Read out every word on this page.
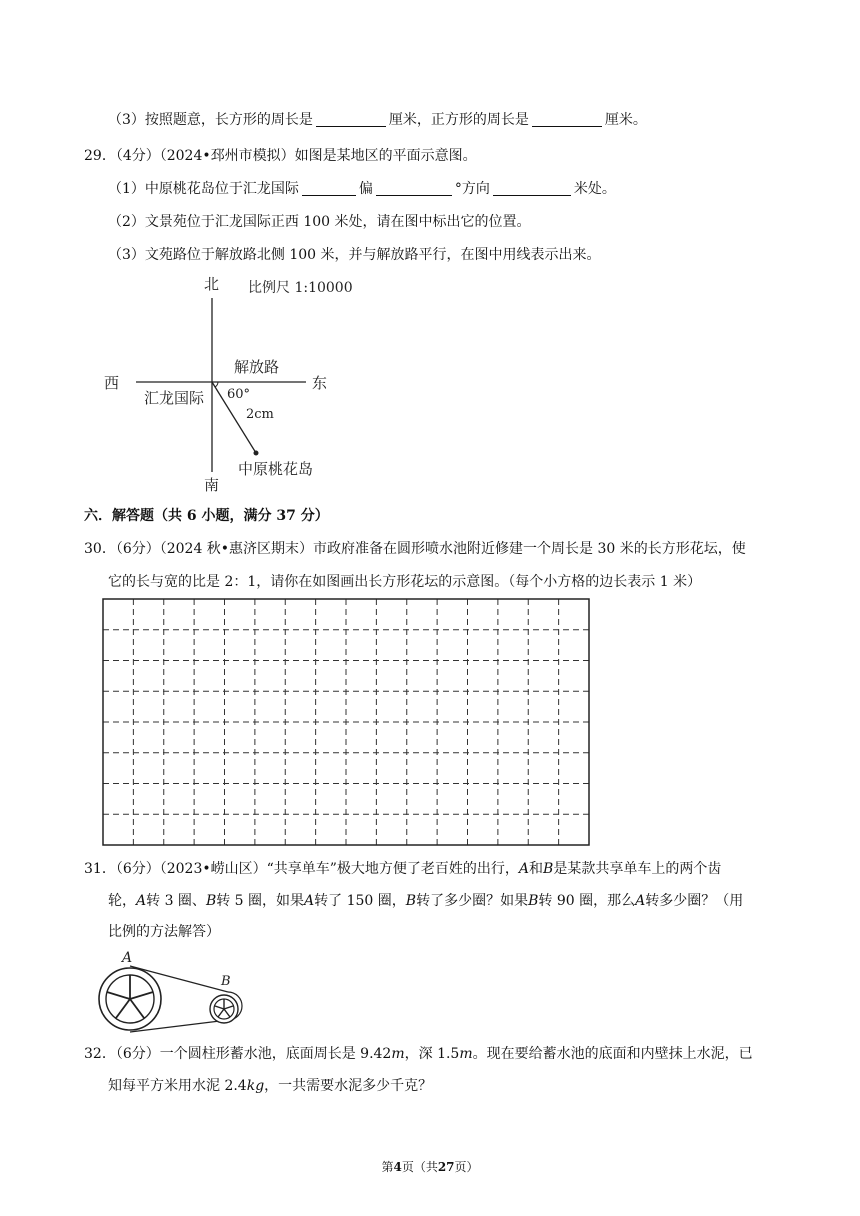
（3）按照题意，长方形的周长是	厘米，正方形的周长是	厘米。
29．（4分）（2024•邳州市模拟）如图是某地区的平面示意图。
（1）中原桃花岛位于汇龙国际	偏	°方向	米处。
（2）文景苑位于汇龙国际正西 100 米处，请在图中标出它的位置。
（3）文苑路位于解放路北侧 100 米，并与解放路平行，在图中用线表示出来。
北 比例尺 1:10000
解放路
西	东
汇龙国际 60°
2cm
中原桃花岛
南
六．解答题（共 6 小题，满分 37 分）
30．（6分）（2024 秋•惠济区期末）市政府准备在圆形喷水池附近修建一个周长是 30 米的长方形花坛，使
它的长与宽的比是 2：1，请你在如图画出长方形花坛的示意图。（每个小方格的边长表示 1 米）
31．（6分）（2023•崂山区）“共享单车”极大地方便了老百姓的出行，A和B是某款共享单车上的两个齿
轮，A转 3 圈、B转 5 圈，如果A转了 150 圈，B转了多少圈？如果B转 90 圈，那么A转多少圈？（用
比例的方法解答）
A
B
32．（6分）一个圆柱形蓄水池，底面周长是 9.42m，深 1.5m。现在要给蓄水池的底面和内壁抹上水泥，已
知每平方米用水泥 2.4kg，一共需要水泥多少千克？
第4页（共27页）
